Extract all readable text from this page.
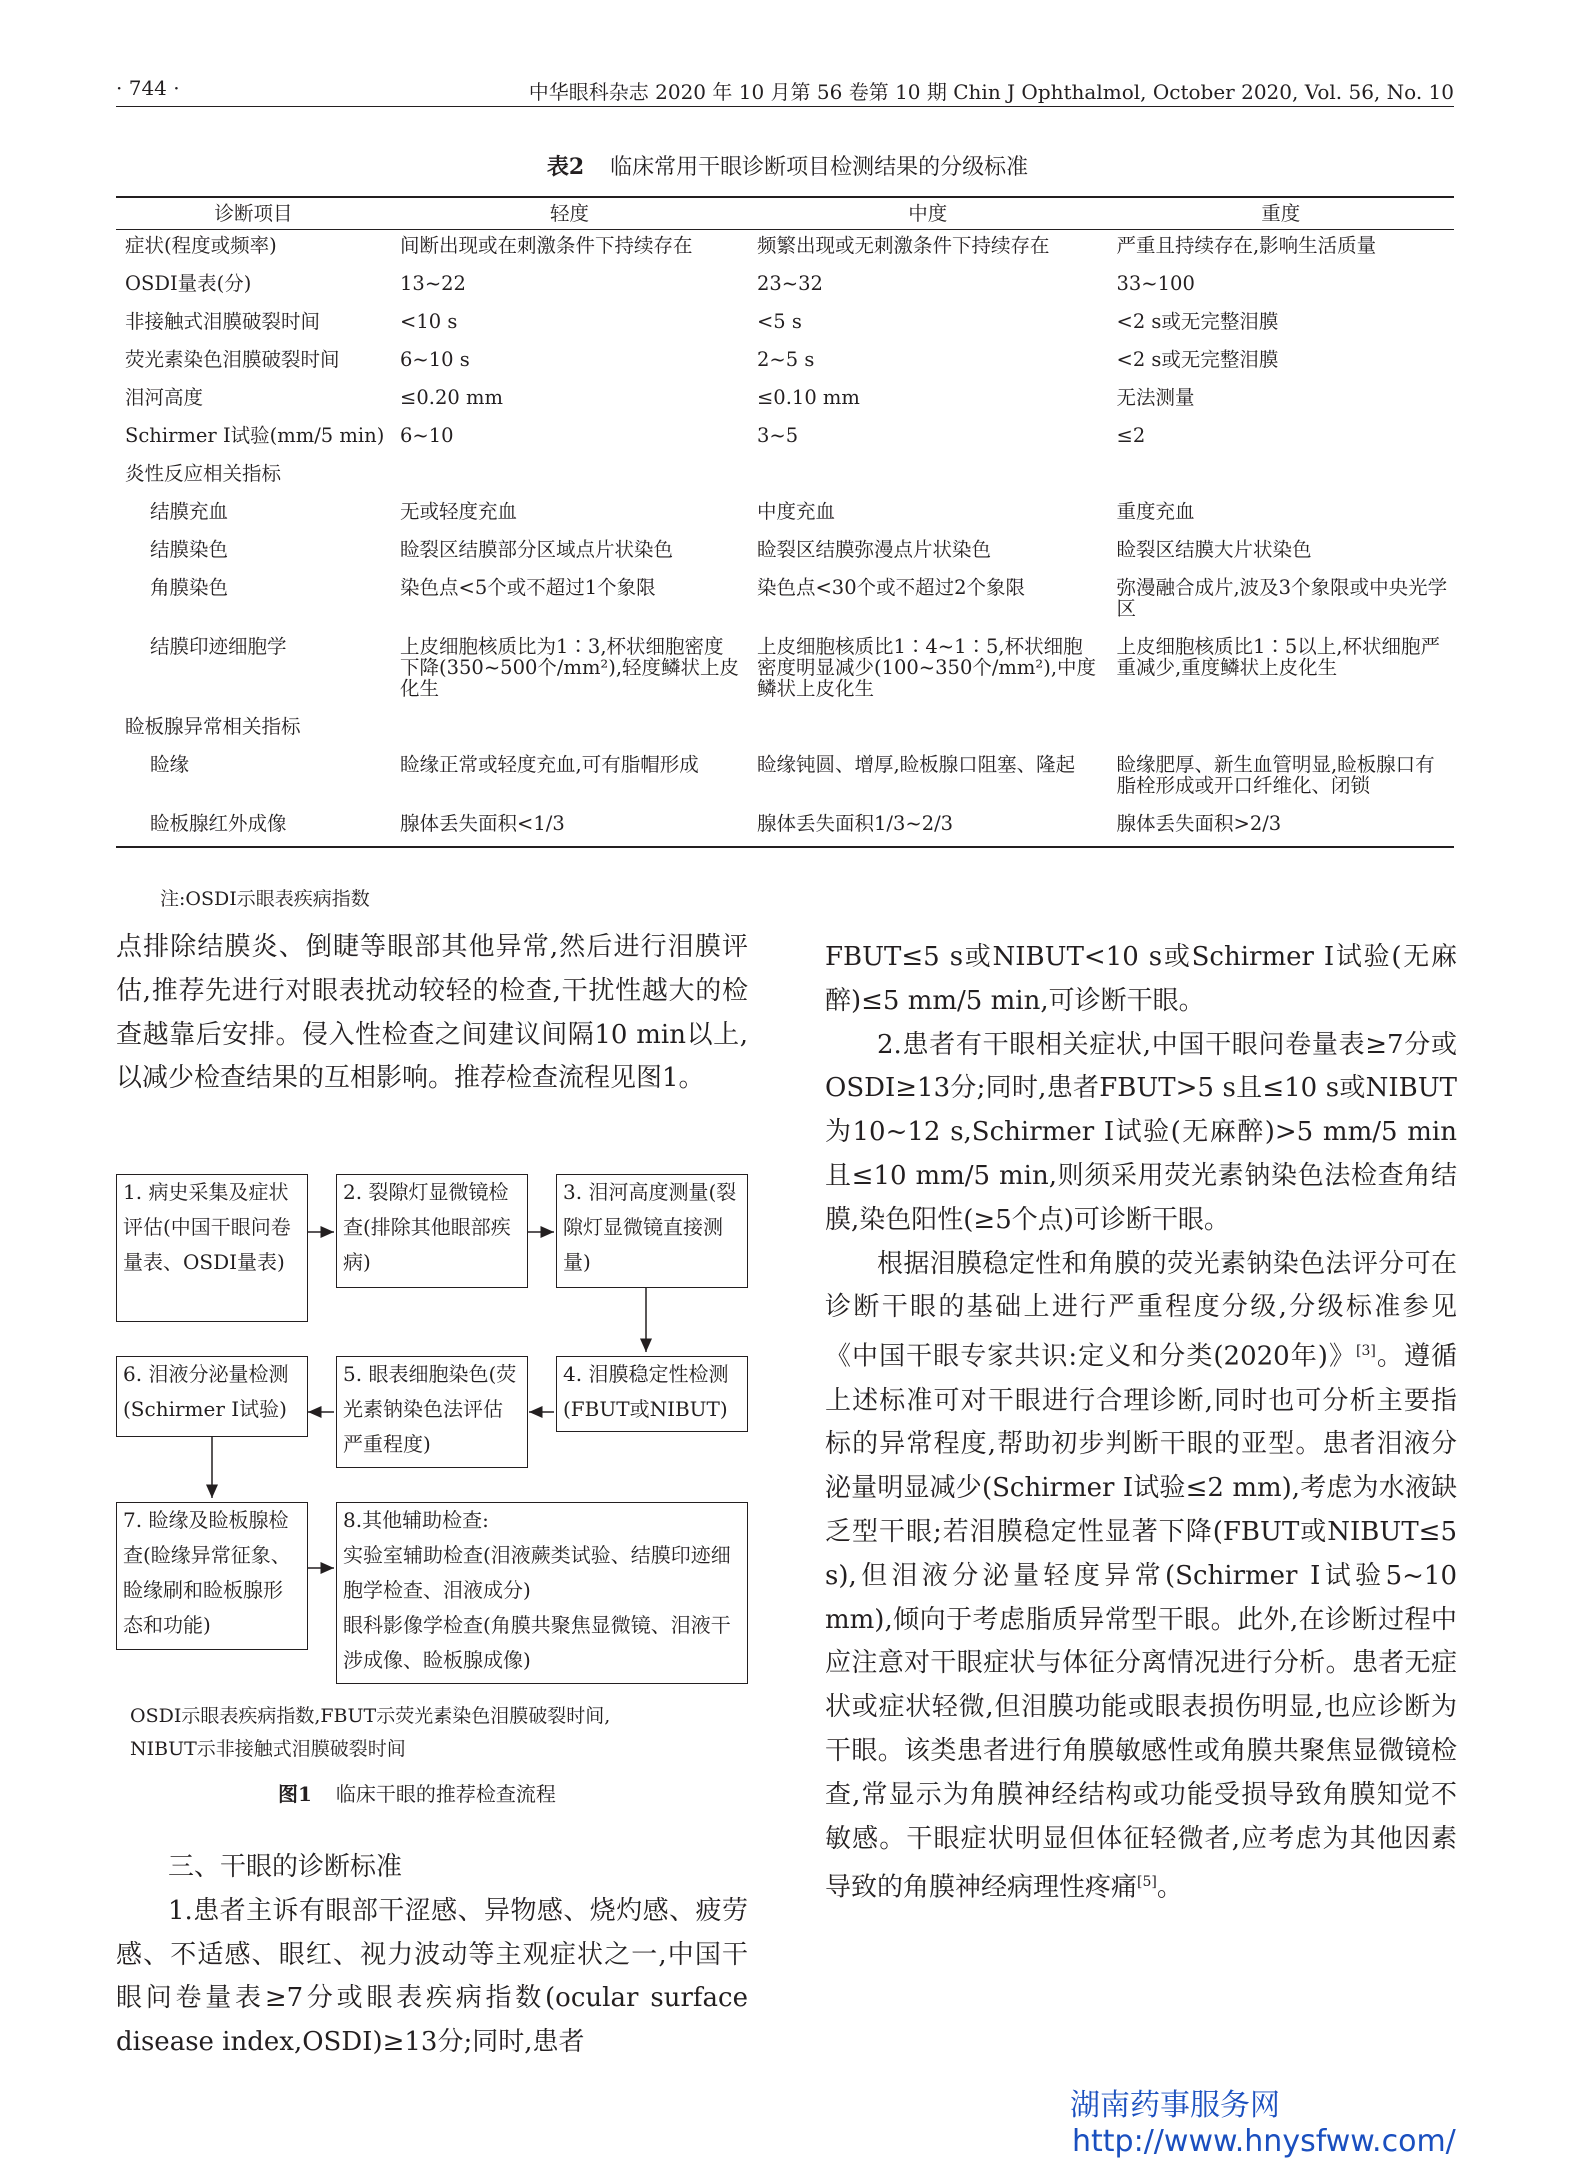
· 744 ·	中华眼科杂志 2020 年 10 月第 56 卷第 10 期 Chin J Ophthalmol, October 2020, Vol. 56, No. 10
表2 临床常用干眼诊断项目检测结果的分级标准
诊断项目	轻度	中度	重度
症状(程度或频率)	间断出现或在刺激条件下持续存在	频繁出现或无刺激条件下持续存在	严重且持续存在,影响生活质量
OSDI量表(分)	13~22	23~32	33~100
非接触式泪膜破裂时间	<10 s	<5 s	<2 s或无完整泪膜
荧光素染色泪膜破裂时间	6~10 s	2~5 s	<2 s或无完整泪膜
泪河高度	≤0.20 mm	≤0.10 mm	无法测量
Schirmer Ⅰ试验(mm/5 min)	6~10	3~5	≤2
炎性反应相关指标			
结膜充血	无或轻度充血	中度充血	重度充血
结膜染色	睑裂区结膜部分区域点片状染色	睑裂区结膜弥漫点片状染色	睑裂区结膜大片状染色
角膜染色	染色点<5个或不超过1个象限	染色点<30个或不超过2个象限	弥漫融合成片,波及3个象限或中央光学区
结膜印迹细胞学	上皮细胞核质比为1∶3,杯状细胞密度下降(350~500个/mm²),轻度鳞状上皮化生	上皮细胞核质比1∶4~1∶5,杯状细胞密度明显减少(100~350个/mm²),中度鳞状上皮化生	上皮细胞核质比1∶5以上,杯状细胞严重减少,重度鳞状上皮化生
睑板腺异常相关指标			
睑缘	睑缘正常或轻度充血,可有脂帽形成	睑缘钝圆、增厚,睑板腺口阻塞、隆起	睑缘肥厚、新生血管明显,睑板腺口有脂栓形成或开口纤维化、闭锁
睑板腺红外成像	腺体丢失面积<1/3	腺体丢失面积1/3~2/3	腺体丢失面积>2/3
注:OSDI示眼表疾病指数

点排除结膜炎、倒睫等眼部其他异常,然后进行泪膜评估,推荐先进行对眼表扰动较轻的检查,干扰性越大的检查越靠后安排。侵入性检查之间建议间隔10 min以上,以减少检查结果的互相影响。推荐检查流程见图1。

1. 病史采集及症状评估(中国干眼问卷量表、OSDI量表)
2. 裂隙灯显微镜检查(排除其他眼部疾病)
3. 泪河高度测量(裂隙灯显微镜直接测量)
4. 泪膜稳定性检测(FBUT或NIBUT)
5. 眼表细胞染色(荧光素钠染色法评估严重程度)
6. 泪液分泌量检测(Schirmer Ⅰ试验)
7. 睑缘及睑板腺检查(睑缘异常征象、睑缘刷和睑板腺形态和功能)
8.其他辅助检查:
实验室辅助检查(泪液蕨类试验、结膜印迹细胞学检查、泪液成分)
眼科影像学检查(角膜共聚焦显微镜、泪液干涉成像、睑板腺成像)
OSDI示眼表疾病指数,FBUT示荧光素染色泪膜破裂时间,
NIBUT示非接触式泪膜破裂时间
图1 临床干眼的推荐检查流程

三、干眼的诊断标准

1.患者主诉有眼部干涩感、异物感、烧灼感、疲劳感、不适感、眼红、视力波动等主观症状之一,中国干眼问卷量表≥7分或眼表疾病指数(ocular surface disease index,OSDI)≥13分;同时,患者

FBUT≤5 s或NIBUT<10 s或Schirmer Ⅰ试验(无麻醉)≤5 mm/5 min,可诊断干眼。

2.患者有干眼相关症状,中国干眼问卷量表≥7分或OSDI≥13分;同时,患者FBUT>5 s且≤10 s或NIBUT为10~12 s,Schirmer Ⅰ试验(无麻醉)>5 mm/5 min且≤10 mm/5 min,则须采用荧光素钠染色法检查角结膜,染色阳性(≥5个点)可诊断干眼。

根据泪膜稳定性和角膜的荧光素钠染色法评分可在诊断干眼的基础上进行严重程度分级,分级标准参见《中国干眼专家共识:定义和分类(2020年)》[3]。遵循上述标准可对干眼进行合理诊断,同时也可分析主要指标的异常程度,帮助初步判断干眼的亚型。患者泪液分泌量明显减少(Schirmer Ⅰ试验≤2 mm),考虑为水液缺乏型干眼;若泪膜稳定性显著下降(FBUT或NIBUT≤5 s),但泪液分泌量轻度异常(Schirmer Ⅰ试验5~10 mm),倾向于考虑脂质异常型干眼。此外,在诊断过程中应注意对干眼症状与体征分离情况进行分析。患者无症状或症状轻微,但泪膜功能或眼表损伤明显,也应诊断为干眼。该类患者进行角膜敏感性或角膜共聚焦显微镜检查,常显示为角膜神经结构或功能受损导致角膜知觉不敏感。干眼症状明显但体征轻微者,应考虑为其他因素导致的角膜神经病理性疼痛[5]。

湖南药事服务网
http://www.hnysfww.com/
